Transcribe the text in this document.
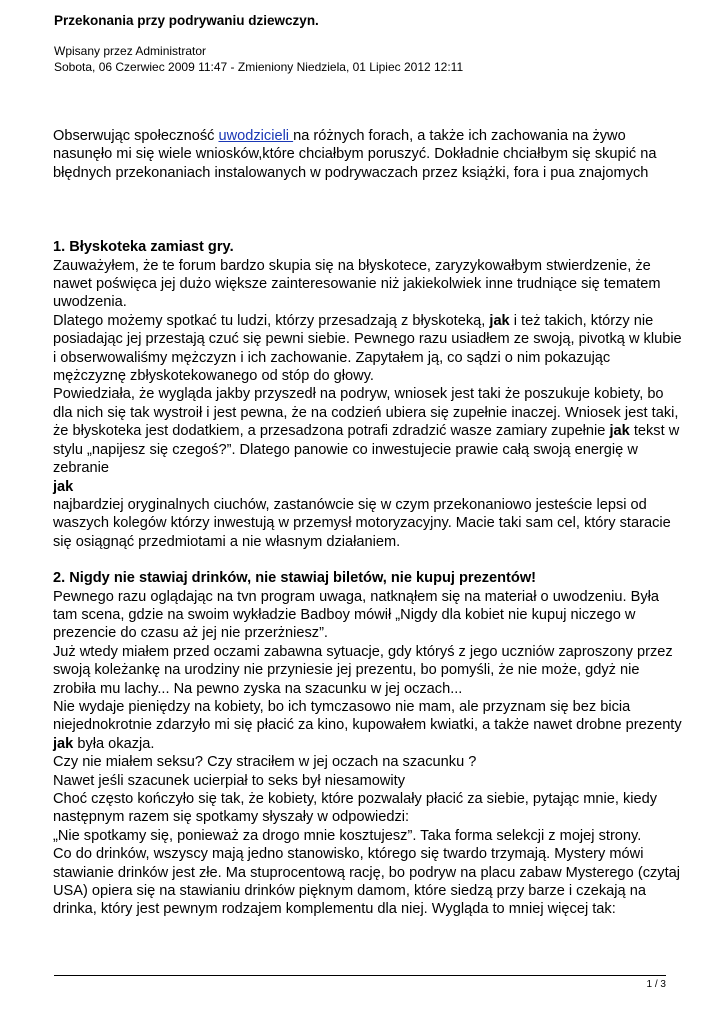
Przekonania przy podrywaniu dziewczyn.
Wpisany przez Administrator
Sobota, 06 Czerwiec 2009 11:47 - Zmieniony Niedziela, 01 Lipiec 2012 12:11

Obserwując społeczność uwodzicieli na różnych forach, a także ich zachowania na żywo nasunęło mi się wiele wniosków,które chciałbym poruszyć. Dokładnie chciałbym się skupić na błędnych przekonaniach instalowanych w podrywaczach przez książki, fora i pua znajomych

1. Błyskoteka zamiast gry.

Zauważyłem, że te forum bardzo skupia się na błyskotece, zaryzykowałbym stwierdzenie, że nawet poświęca jej dużo większe zainteresowanie niż jakiekolwiek inne trudniące się tematem uwodzenia.

Dlatego możemy spotkać tu ludzi, którzy przesadzają z błyskoteką, jak i też takich, którzy nie posiadając jej przestają czuć się pewni siebie. Pewnego razu usiadłem ze swoją, pivotką w klubie i obserwowaliśmy mężczyzn i ich zachowanie. Zapytałem ją, co sądzi o nim pokazując mężczyznę zbłyskotekowanego od stóp do głowy.

Powiedziała, że wygląda jakby przyszedł na podryw, wniosek jest taki że poszukuje kobiety, bo dla nich się tak wystroił i jest pewna, że na codzień ubiera się zupełnie inaczej. Wniosek jest taki, że błyskoteka jest dodatkiem, a przesadzona potrafi zdradzić wasze zamiary zupełnie jak tekst w stylu „napijesz się czegoś?”. Dlatego panowie co inwestujecie prawie całą swoją energię w zebranie

jak

najbardziej oryginalnych ciuchów, zastanówcie się w czym przekonaniowo jesteście lepsi od waszych kolegów którzy inwestują w przemysł motoryzacyjny. Macie taki sam cel, który staracie się osiągnąć przedmiotami a nie własnym działaniem.

2. Nigdy nie stawiaj drinków, nie stawiaj biletów, nie kupuj prezentów!

Pewnego razu oglądając na tvn program uwaga, natknąłem się na materiał o uwodzeniu. Była tam scena, gdzie na swoim wykładzie Badboy mówił „Nigdy dla kobiet nie kupuj niczego w prezencie do czasu aż jej nie przerżniesz”.

Już wtedy miałem przed oczami zabawna sytuacje, gdy któryś z jego uczniów zaproszony przez swoją koleżankę na urodziny nie przyniesie jej prezentu, bo pomyśli, że nie może, gdyż nie zrobiła mu lachy... Na pewno zyska na szacunku w jej oczach...

Nie wydaje pieniędzy na kobiety, bo ich tymczasowo nie mam, ale przyznam się bez bicia niejednokrotnie zdarzyło mi się płacić za kino, kupowałem kwiatki, a także nawet drobne prezenty jak była okazja.

Czy nie miałem seksu? Czy straciłem w jej oczach na szacunku ?

Nawet jeśli szacunek ucierpiał to seks był niesamowity

Choć często kończyło się tak, że kobiety, które pozwalały płacić za siebie, pytając mnie, kiedy następnym razem się spotkamy słyszały w odpowiedzi:

„Nie spotkamy się, ponieważ za drogo mnie kosztujesz”. Taka forma selekcji z mojej strony.

Co do drinków, wszyscy mają jedno stanowisko, którego się twardo trzymają. Mystery mówi stawianie drinków jest złe. Ma stuprocentową rację, bo podryw na placu zabaw Mysterego (czytaj USA) opiera się na stawianiu drinków pięknym damom, które siedzą przy barze i czekają na drinka, który jest pewnym rodzajem komplementu dla niej. Wygląda to mniej więcej tak:

1 / 3
